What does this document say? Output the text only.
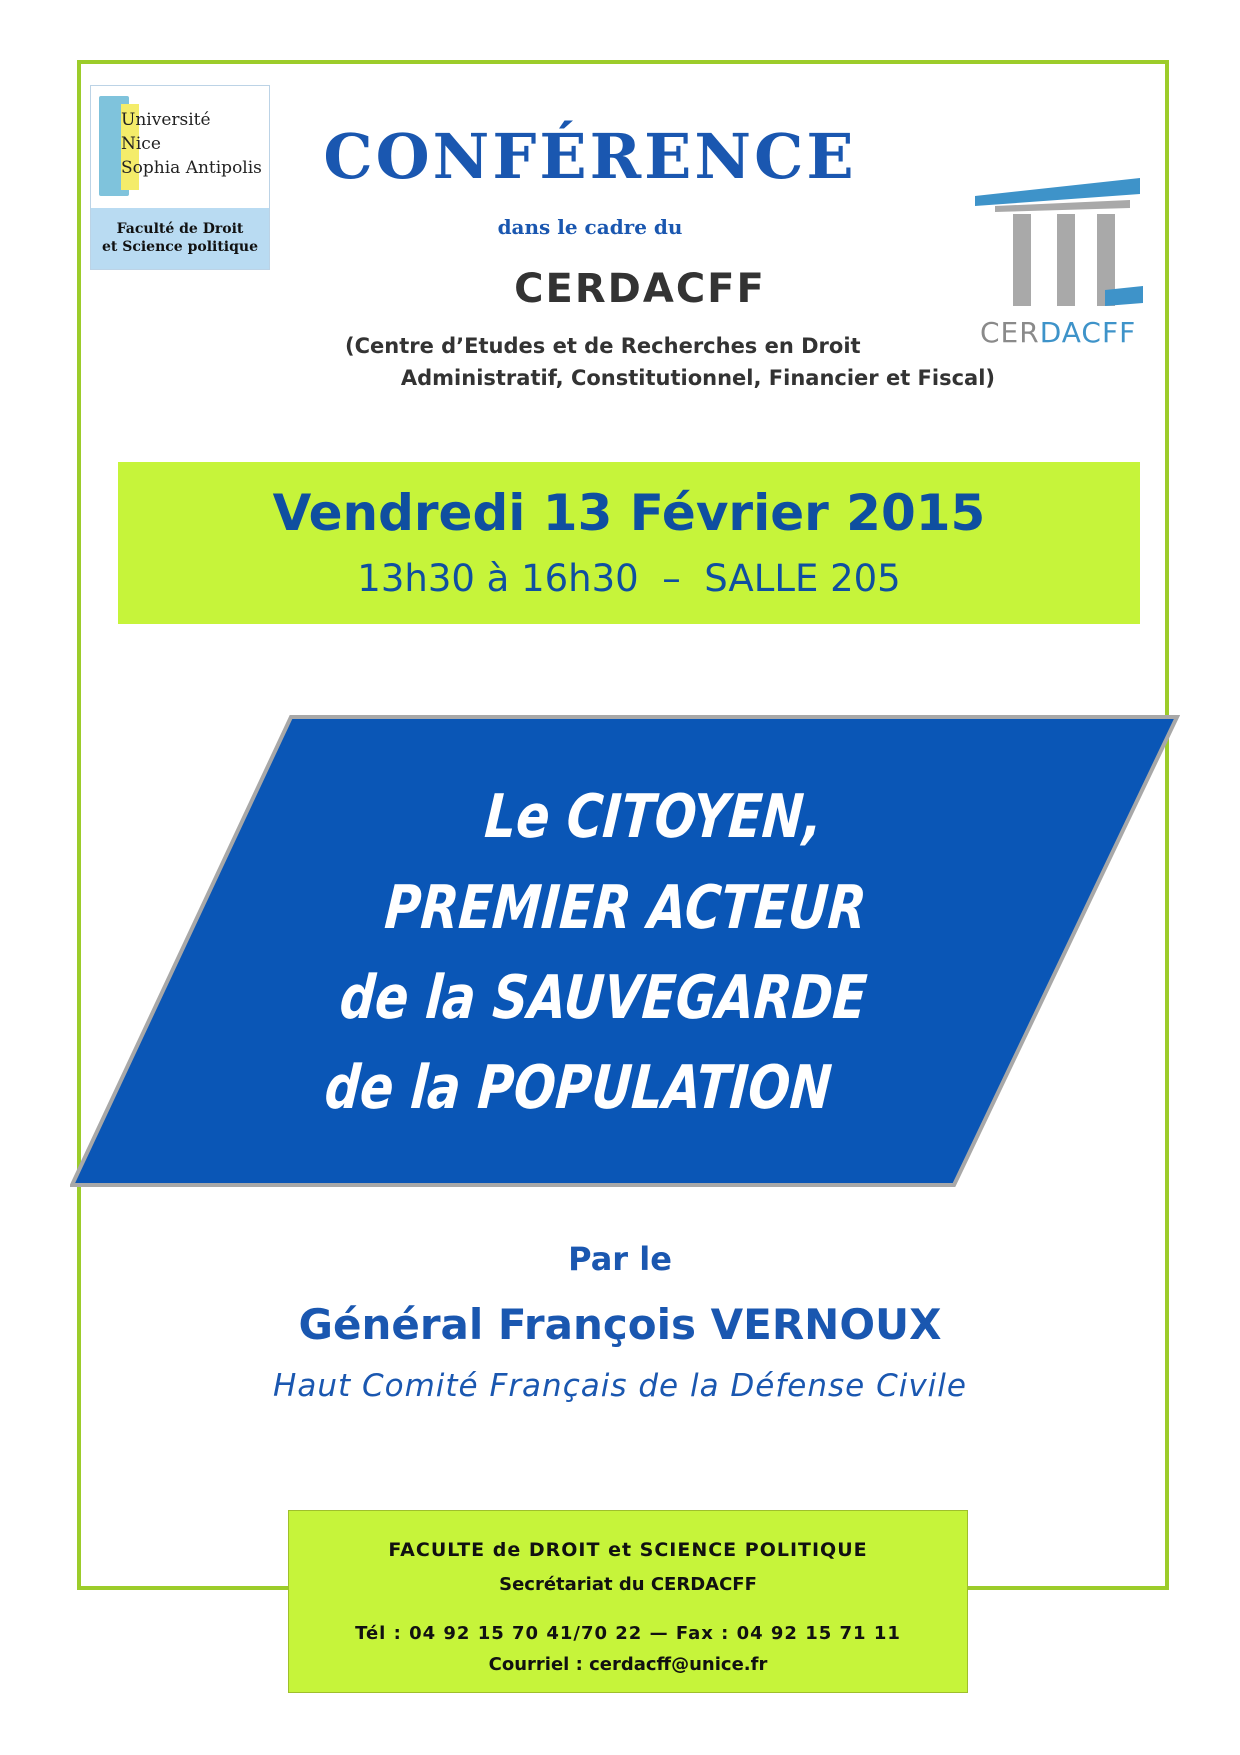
Université
Nice
Sophia Antipolis
Faculté de Droit
et Science politique
CONFÉRENCE
dans le cadre du
CERDACFF
(Centre d’Etudes et de Recherches en Droit
Administratif, Constitutionnel, Financier et Fiscal)
CERDACFF
Vendredi 13 Février 2015
13h30 à 16h30  –  SALLE 205
Le CITOYEN,
PREMIER ACTEUR
de la SAUVEGARDE
de la POPULATION
Par le
Général François VERNOUX
Haut Comité Français de la Défense Civile
FACULTE de DROIT et SCIENCE POLITIQUE
Secrétariat du CERDACFF
Tél : 04 92 15 70 41/70 22 — Fax : 04 92 15 71 11
Courriel : cerdacff@unice.fr
